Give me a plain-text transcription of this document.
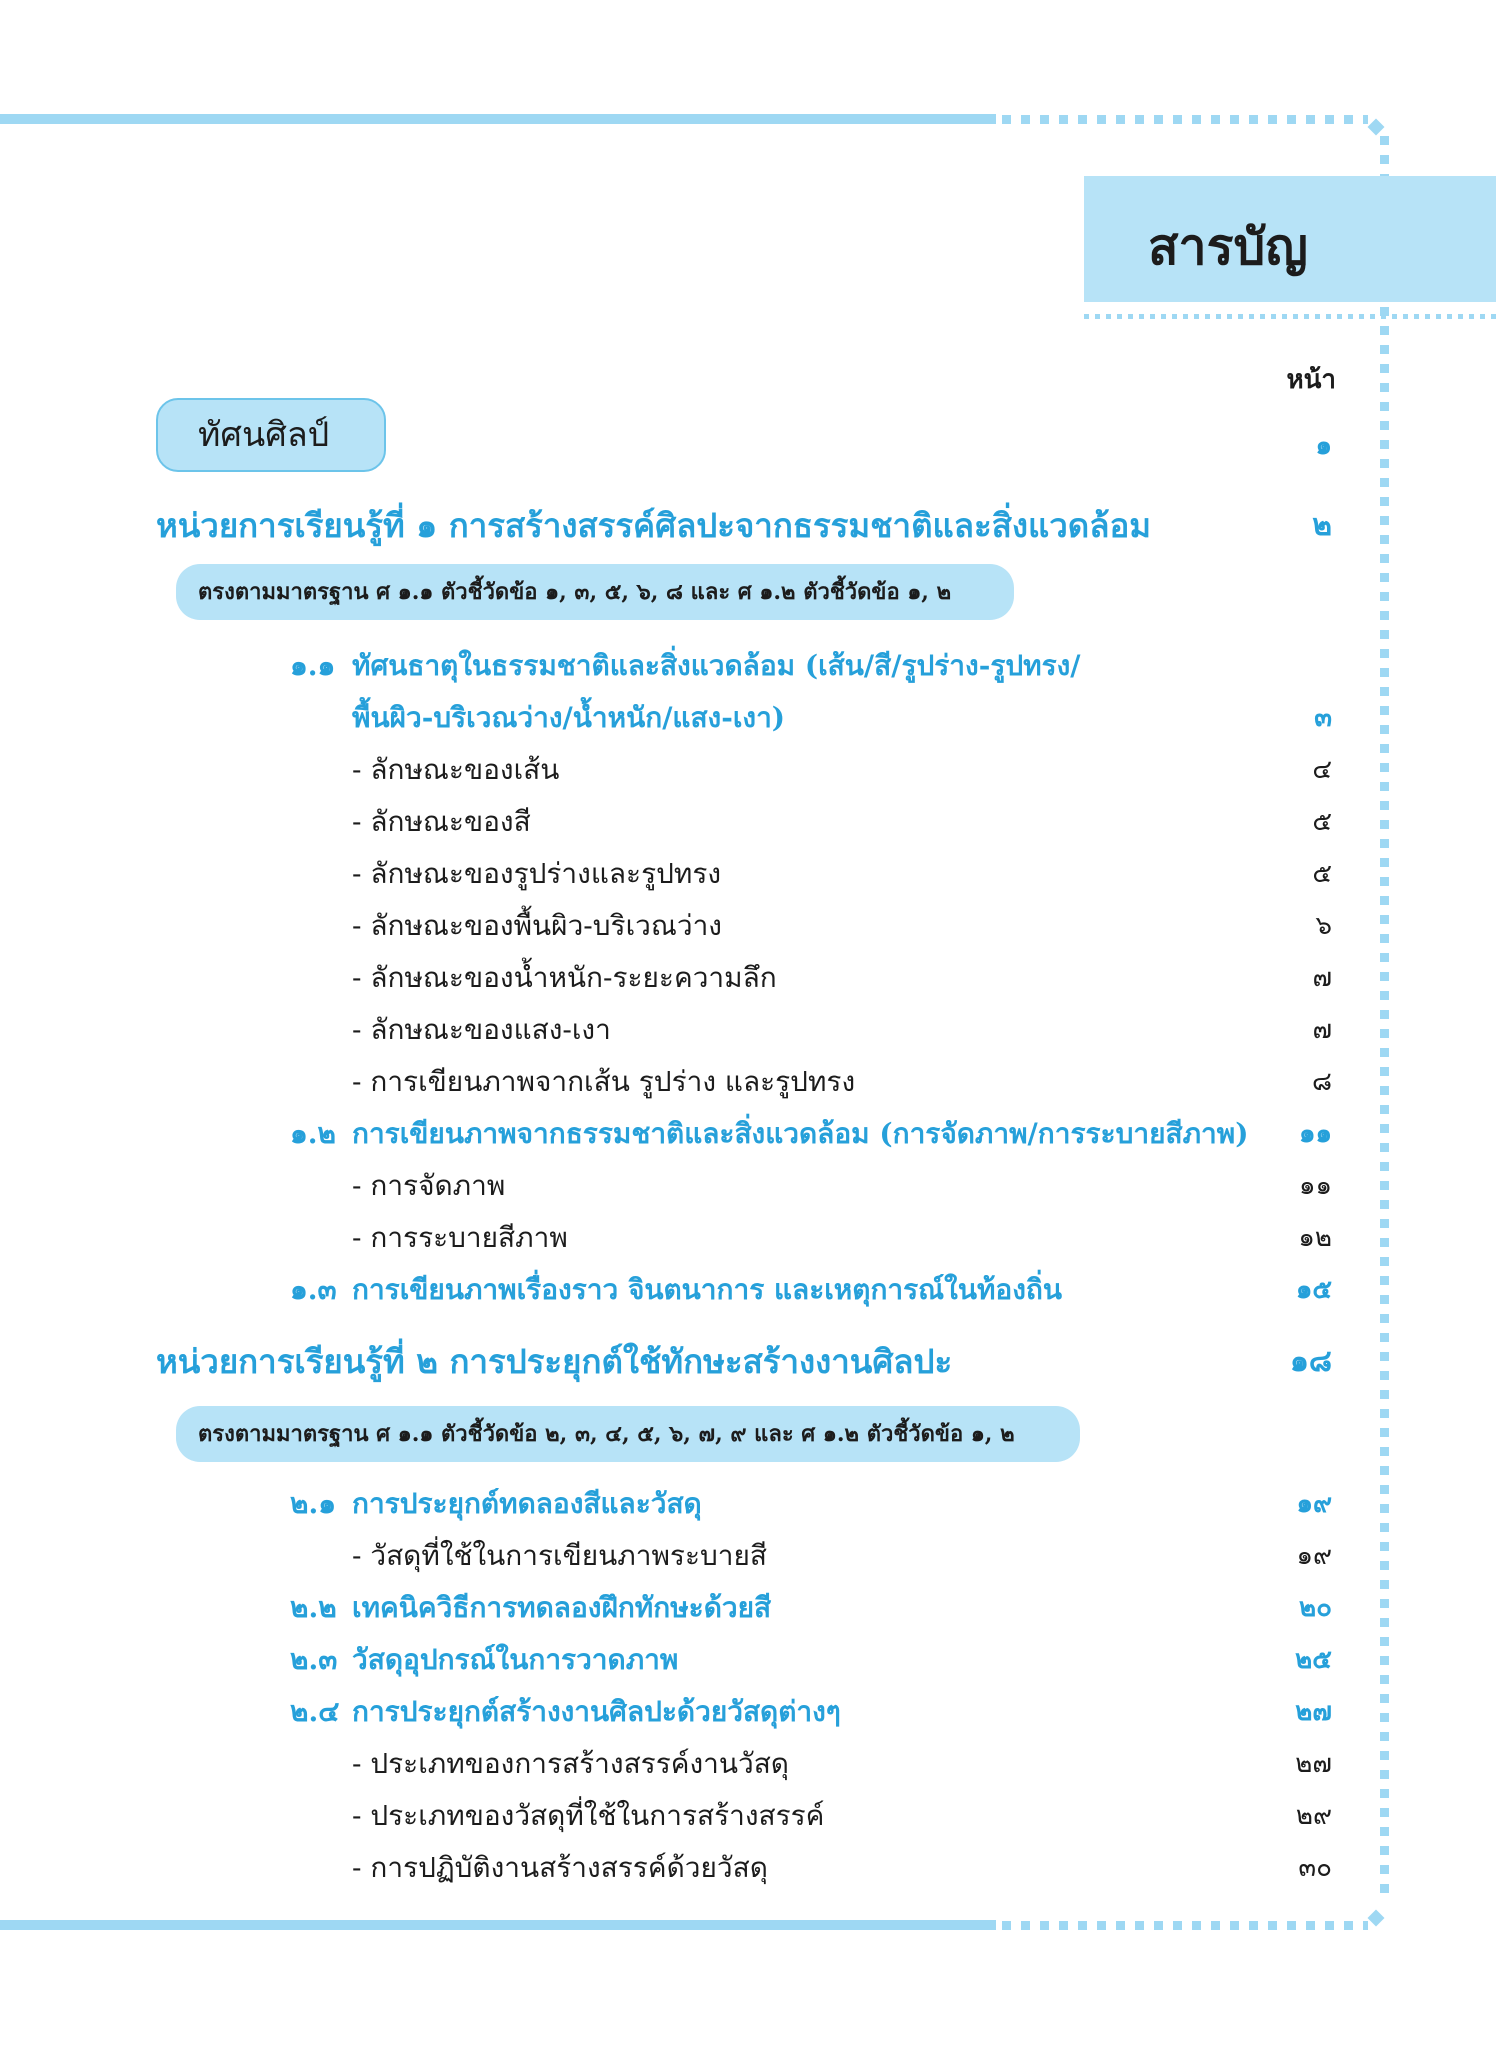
สารบัญ
หน้า
ทัศนศิลป์	๑
หน่วยการเรียนรู้ที่ ๑ การสร้างสรรค์ศิลปะจากธรรมชาติและสิ่งแวดล้อม	๒
ตรงตามมาตรฐาน ศ ๑.๑ ตัวชี้วัดข้อ ๑, ๓, ๕, ๖, ๘ และ ศ ๑.๒ ตัวชี้วัดข้อ ๑, ๒
๑.๑ ทัศนธาตุในธรรมชาติและสิ่งแวดล้อม (เส้น/สี/รูปร่าง-รูปทรง/
พื้นผิว-บริเวณว่าง/น้ำหนัก/แสง-เงา)	๓
- ลักษณะของเส้น	๔
- ลักษณะของสี	๕
- ลักษณะของรูปร่างและรูปทรง	๕
- ลักษณะของพื้นผิว-บริเวณว่าง	๖
- ลักษณะของน้ำหนัก-ระยะความลึก	๗
- ลักษณะของแสง-เงา	๗
- การเขียนภาพจากเส้น รูปร่าง และรูปทรง	๘
๑.๒ การเขียนภาพจากธรรมชาติและสิ่งแวดล้อม (การจัดภาพ/การระบายสีภาพ) ๑๑
- การจัดภาพ	๑๑
- การระบายสีภาพ	๑๒
๑.๓ การเขียนภาพเรื่องราว จินตนาการ และเหตุการณ์ในท้องถิ่น	๑๕
หน่วยการเรียนรู้ที่ ๒ การประยุกต์ใช้ทักษะสร้างงานศิลปะ	๑๘
ตรงตามมาตรฐาน ศ ๑.๑ ตัวชี้วัดข้อ ๒, ๓, ๔, ๕, ๖, ๗, ๙ และ ศ ๑.๒ ตัวชี้วัดข้อ ๑, ๒
๒.๑ การประยุกต์ทดลองสีและวัสดุ	๑๙
- วัสดุที่ใช้ในการเขียนภาพระบายสี	๑๙
๒.๒ เทคนิควิธีการทดลองฝึกทักษะด้วยสี	๒๐
๒.๓ วัสดุอุปกรณ์ในการวาดภาพ	๒๕
๒.๔ การประยุกต์สร้างงานศิลปะด้วยวัสดุต่างๆ	๒๗
- ประเภทของการสร้างสรรค์งานวัสดุ	๒๗
- ประเภทของวัสดุที่ใช้ในการสร้างสรรค์	๒๙
- การปฏิบัติงานสร้างสรรค์ด้วยวัสดุ	๓๐
